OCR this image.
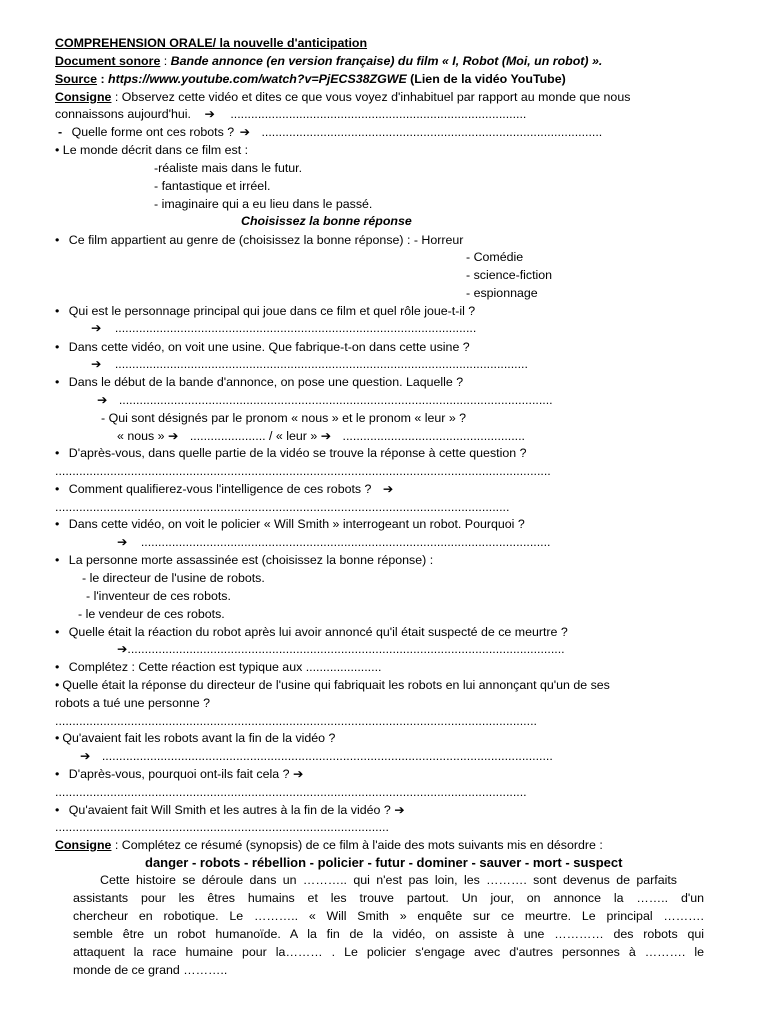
COMPREHENSION ORALE/ la nouvelle d'anticipation
Document sonore : Bande annonce (en version française) du film « I, Robot (Moi, un robot) ».
Source : https://www.youtube.com/watch?v=PjECS38ZGWE (Lien de la vidéo YouTube)
Consigne : Observez cette vidéo et dites ce que vous voyez d'inhabituel par rapport au monde que nous
connaissons aujourd'hui. ➔ ......................................................................................
- Quelle forme ont ces robots ? ➔ ...................................................................................................
• Le monde décrit dans ce film est :
-réaliste mais dans le futur.
- fantastique et irréel.
- imaginaire qui a eu lieu dans le passé.
Choisissez la bonne réponse
• Ce film appartient au genre de (choisissez la bonne réponse) : - Horreur
- Comédie
- science-fiction
- espionnage
• Qui est le personnage principal qui joue dans ce film et quel rôle joue-t-il ?
➔ .........................................................................................................
• Dans cette vidéo, on voit une usine. Que fabrique-t-on dans cette usine ?
➔ ........................................................................................................................
• Dans le début de la bande d'annonce, on pose une question. Laquelle ?
➔ ..............................................................................................................................
- Qui sont désignés par le pronom « nous » et le pronom « leur » ?
« nous » ➔ ...................... / « leur » ➔ .....................................................
• D'après-vous, dans quelle partie de la vidéo se trouve la réponse à cette question ?
................................................................................................................................................
• Comment qualifierez-vous l'intelligence de ces robots ? ➔
....................................................................................................................................
• Dans cette vidéo, on voit le policier « Will Smith » interrogeant un robot. Pourquoi ?
➔ .......................................................................................................................
• La personne morte assassinée est (choisissez la bonne réponse) :
- le directeur de l'usine de robots.
- l'inventeur de ces robots.
- le vendeur de ces robots.
• Quelle était la réaction du robot après lui avoir annoncé qu'il était suspecté de ce meurtre ?
➔...............................................................................................................................
• Complétez : Cette réaction est typique aux ......................
• Quelle était la réponse du directeur de l'usine qui fabriquait les robots en lui annonçant qu'un de ses
robots a tué une personne ?
............................................................................................................................................
• Qu'avaient fait les robots avant la fin de la vidéo ?
➔ ...................................................................................................................................
• D'après-vous, pourquoi ont-ils fait cela ? ➔
.........................................................................................................................................
• Qu'avaient fait Will Smith et les autres à la fin de la vidéo ? ➔
.................................................................................................
Consigne : Complétez ce résumé (synopsis) de ce film à l'aide des mots suivants mis en désordre :
danger - robots - rébellion - policier - futur - dominer - sauver - mort - suspect
Cette histoire se déroule dans un ……….. qui n'est pas loin, les ………. sont devenus de parfaits
assistants pour les êtres humains et les trouve partout. Un jour, on annonce la …….. d'un
chercheur en robotique. Le ……….. « Will Smith » enquête sur ce meurtre. Le principal ……….
semble être un robot humanoïde. A la fin de la vidéo, on assiste à une ………… des robots qui
attaquent la race humaine pour la……… . Le policier s'engage avec d'autres personnes à ………. le
monde de ce grand ………..
